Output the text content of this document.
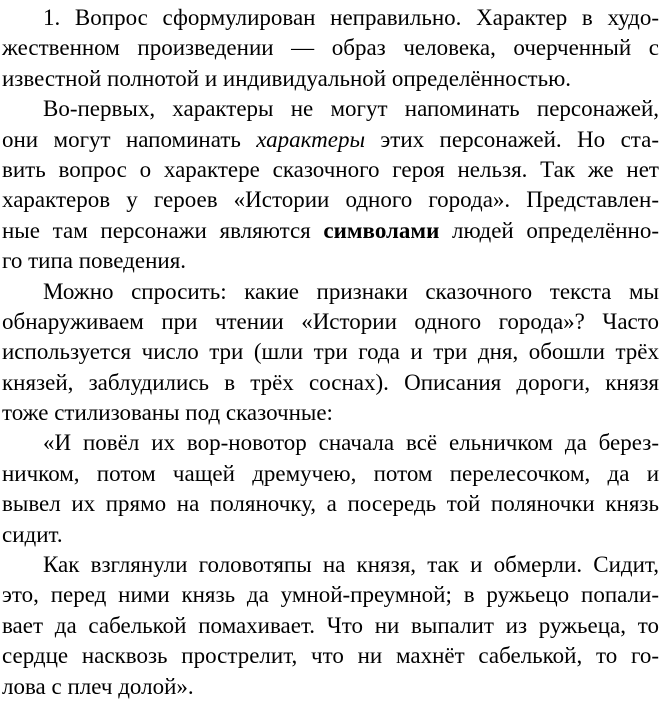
1. Вопрос сформулирован неправильно. Характер в худо-
жественном произведении — образ человека, очерченный с
известной полнотой и индивидуальной определённостью.
Во-первых, характеры не могут напоминать персонажей,
они могут напоминать характеры этих персонажей. Но ста-
вить вопрос о характере сказочного героя нельзя. Так же нет
характеров у героев «Истории одного города». Представлен-
ные там персонажи являются символами людей определённо-
го типа поведения.
Можно спросить: какие признаки сказочного текста мы
обнаруживаем при чтении «Истории одного города»? Часто
используется число три (шли три года и три дня, обошли трёх
князей, заблудились в трёх соснах). Описания дороги, князя
тоже стилизованы под сказочные:
«И повёл их вор-новотор сначала всё ельничком да берез-
ничком, потом чащей дремучею, потом перелесочком, да и
вывел их прямо на поляночку, а посередь той поляночки князь
сидит.
Как взглянули головотяпы на князя, так и обмерли. Сидит,
это, перед ними князь да умной-преумной; в ружьецо попали-
вает да сабелькой помахивает. Что ни выпалит из ружьеца, то
сердце насквозь прострелит, что ни махнёт сабелькой, то го-
лова с плеч долой».
